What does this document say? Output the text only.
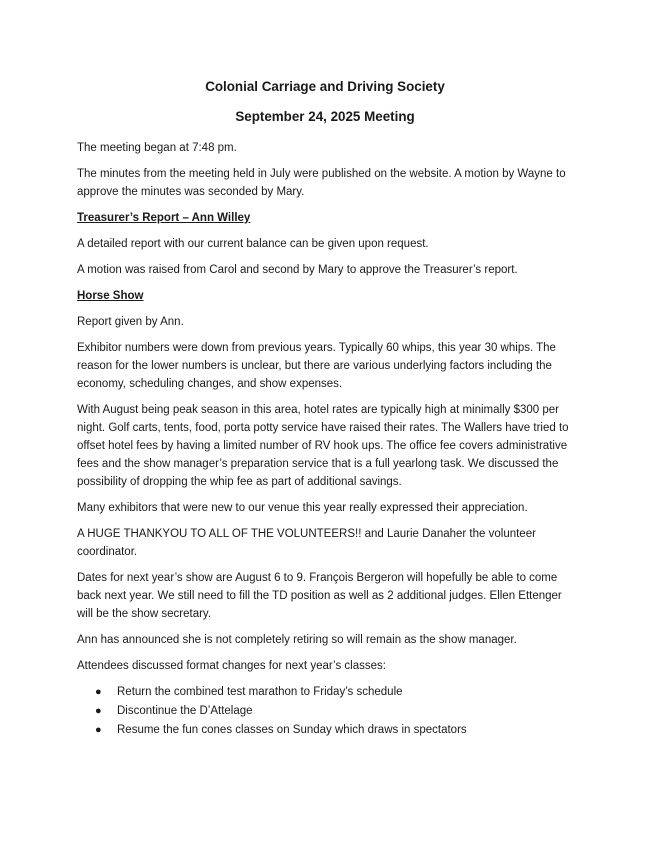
Colonial Carriage and Driving Society
September 24, 2025 Meeting

The meeting began at 7:48 pm.

The minutes from the meeting held in July were published on the website. A motion by Wayne to approve the minutes was seconded by Mary.

Treasurer’s Report – Ann Willey

A detailed report with our current balance can be given upon request.

A motion was raised from Carol and second by Mary to approve the Treasurer’s report.

Horse Show

Report given by Ann.

Exhibitor numbers were down from previous years. Typically 60 whips, this year 30 whips. The reason for the lower numbers is unclear, but there are various underlying factors including the economy, scheduling changes, and show expenses.

With August being peak season in this area, hotel rates are typically high at minimally $300 per night. Golf carts, tents, food, porta potty service have raised their rates. The Wallers have tried to offset hotel fees by having a limited number of RV hook ups. The office fee covers administrative fees and the show manager’s preparation service that is a full yearlong task. We discussed the possibility of dropping the whip fee as part of additional savings.

Many exhibitors that were new to our venue this year really expressed their appreciation.

A HUGE THANKYOU TO ALL OF THE VOLUNTEERS!! and Laurie Danaher the volunteer coordinator.

Dates for next year’s show are August 6 to 9. François Bergeron will hopefully be able to come back next year. We still need to fill the TD position as well as 2 additional judges. Ellen Ettenger will be the show secretary.

Ann has announced she is not completely retiring so will remain as the show manager.

Attendees discussed format changes for next year’s classes:

● Return the combined test marathon to Friday’s schedule
● Discontinue the D’Attelage
● Resume the fun cones classes on Sunday which draws in spectators
